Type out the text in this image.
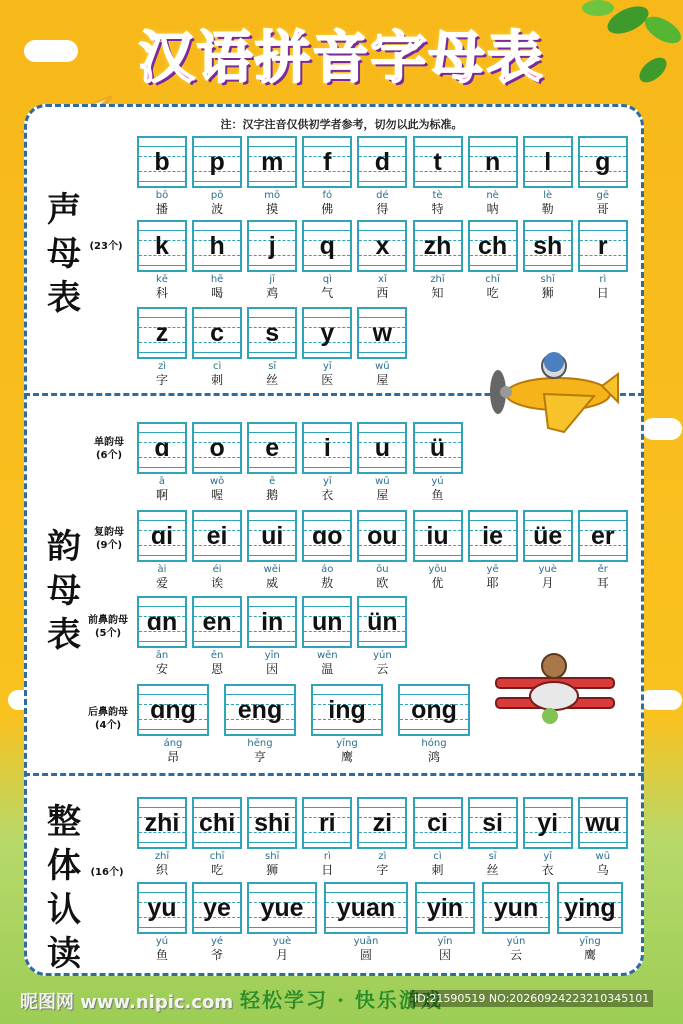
汉语拼音字母表
注：汉字注音仅供初学者参考，切勿以此为标准。
声母表
(23个)
韵母表
单韵母
(6个)
复韵母
(9个)
前鼻韵母
(5个)
后鼻韵母
(4个)
整体认读
(16个)
b
bō
播
p
pō
波
m
mō
摸
f
fó
佛
d
dé
得
t
tè
特
n
nè
呐
l
lè
勒
g
gē
哥
k
kē
科
h
hē
喝
j
jī
鸡
q
qì
气
x
xī
西
zh
zhī
知
ch
chī
吃
sh
shī
狮
r
rì
日
z
zì
字
c
cì
刺
s
sī
丝
y
yī
医
w
wū
屋
ɑ
ā
啊
o
wō
喔
e
ē
鹅
i
yī
衣
u
wū
屋
ü
yú
鱼
ɑi
ài
爱
ei
éi
诶
ui
wēi
威
ɑo
áo
敖
ou
ōu
欧
iu
yōu
优
ie
yē
耶
üe
yuè
月
er
ěr
耳
ɑn
ān
安
en
ēn
恩
in
yīn
因
un
wēn
温
ün
yún
云
ɑng
áng
昂
eng
hēng
亨
ing
yīng
鹰
ong
hóng
鸿
zhi
zhī
织
chi
chī
吃
shi
shī
狮
ri
rì
日
zi
zì
字
ci
cì
刺
si
sī
丝
yi
yī
衣
wu
wū
乌
yu
yú
鱼
ye
yé
爷
yue
yuè
月
yuan
yuān
圆
yin
yīn
因
yun
yún
云
ying
yīng
鹰
轻松学习 · 快乐游戏
昵图网 www.nipic.com	ID:21590519 NO:20260924223210345101
